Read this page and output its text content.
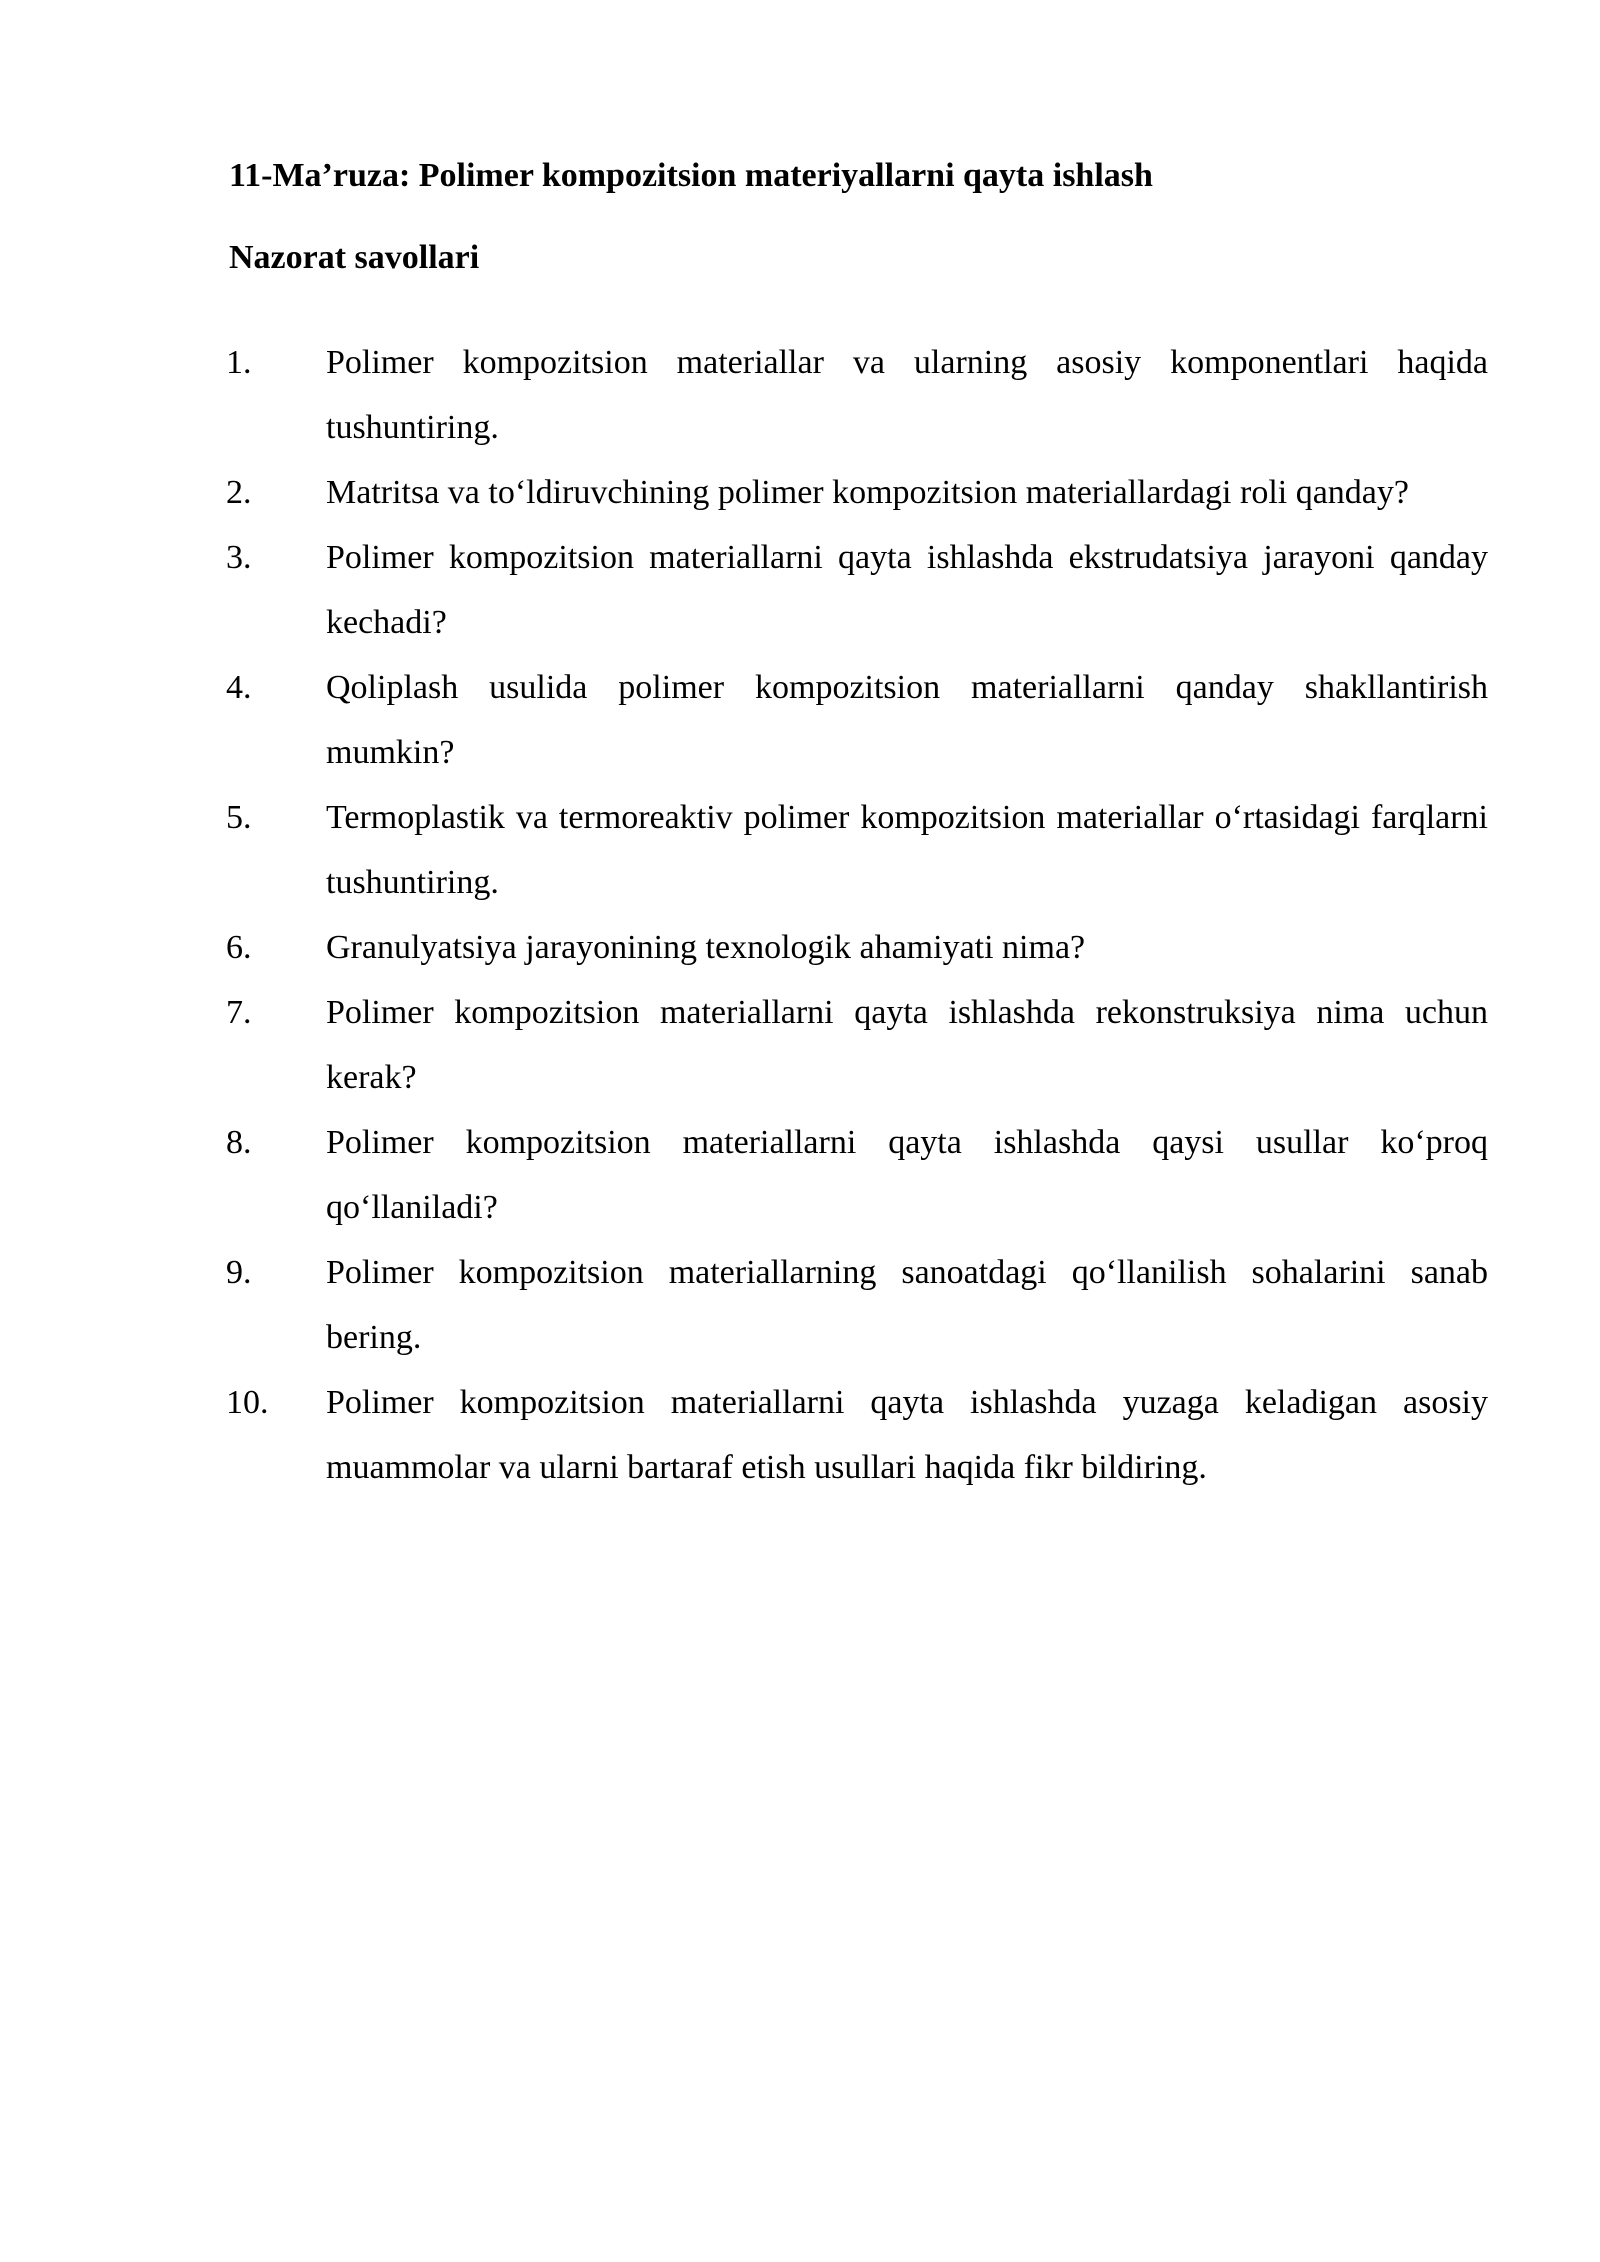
11-Ma’ruza: Polimer kompozitsion materiyallarni qayta ishlash
Nazorat savollari
1.	Polimer kompozitsion materiallar va ularning asosiy komponentlari haqida tushuntiring.
2.	Matritsa va to‘ldiruvchining polimer kompozitsion materiallardagi roli qanday?
3.	Polimer kompozitsion materiallarni qayta ishlashda ekstrudatsiya jarayoni qanday kechadi?
4.	Qoliplash usulida polimer kompozitsion materiallarni qanday shakllantirish mumkin?
5.	Termoplastik va termoreaktiv polimer kompozitsion materiallar o‘rtasidagi farqlarni tushuntiring.
6.	Granulyatsiya jarayonining texnologik ahamiyati nima?
7.	Polimer kompozitsion materiallarni qayta ishlashda rekonstruksiya nima uchun kerak?
8.	Polimer kompozitsion materiallarni qayta ishlashda qaysi usullar ko‘proq qo‘llaniladi?
9.	Polimer kompozitsion materiallarning sanoatdagi qo‘llanilish sohalarini sanab bering.
10.	Polimer kompozitsion materiallarni qayta ishlashda yuzaga keladigan asosiy muammolar va ularni bartaraf etish usullari haqida fikr bildiring.
